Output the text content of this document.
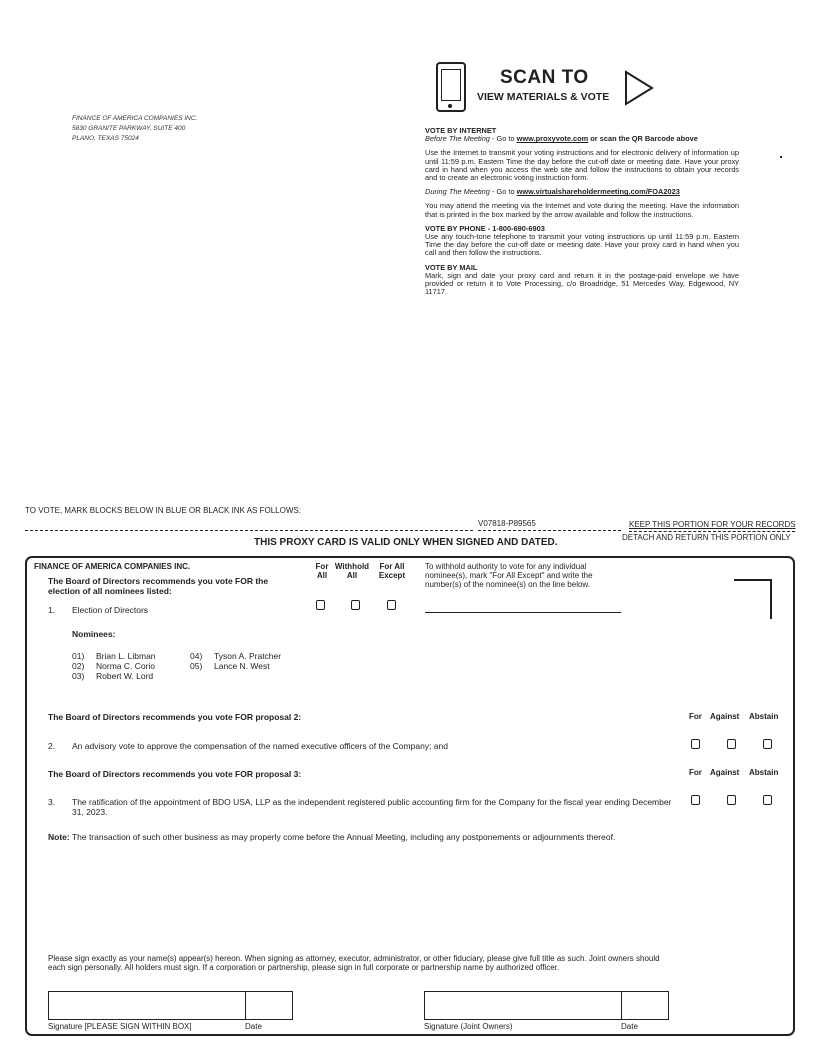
FINANCE OF AMERICA COMPANIES INC.
5830 GRANITE PARKWAY, SUITE 400
PLANO, TEXAS 75024
SCAN TO
VIEW MATERIALS & VOTE
VOTE BY INTERNET
Before The Meeting - Go to www.proxyvote.com or scan the QR Barcode above
Use the Internet to transmit your voting instructions and for electronic delivery of information up until 11:59 p.m. Eastern Time the day before the cut-off date or meeting date. Have your proxy card in hand when you access the web site and follow the instructions to obtain your records and to create an electronic voting instruction form.
During The Meeting - Go to www.virtualshareholdermeeting.com/FOA2023
You may attend the meeting via the Internet and vote during the meeting. Have the information that is printed in the box marked by the arrow available and follow the instructions.
VOTE BY PHONE - 1-800-690-6903
Use any touch-tone telephone to transmit your voting instructions up until 11:59 p.m. Eastern Time the day before the cut-off date or meeting date. Have your proxy card in hand when you call and then follow the instructions.
VOTE BY MAIL
Mark, sign and date your proxy card and return it in the postage-paid envelope we have provided or return it to Vote Processing, c/o Broadridge, 51 Mercedes Way, Edgewood, NY 11717.
TO VOTE, MARK BLOCKS BELOW IN BLUE OR BLACK INK AS FOLLOWS:
V07818-P89565	KEEP THIS PORTION FOR YOUR RECORDS
THIS PROXY CARD IS VALID ONLY WHEN SIGNED AND DATED.	DETACH AND RETURN THIS PORTION ONLY
FINANCE OF AMERICA COMPANIES INC.
The Board of Directors recommends you vote FOR the election of all nominees listed:
For
All
Withhold
All
For All
Except
To withhold authority to vote for any individual nominee(s), mark "For All Except" and write the number(s) of the nominee(s) on the line below.
1. Election of Directors
Nominees:
01) Brian L. Libman
02) Norma C. Corio
03) Robert W. Lord
04) Tyson A. Pratcher
05) Lance N. West
The Board of Directors recommends you vote FOR proposal 2:	For Against Abstain
2. An advisory vote to approve the compensation of the named executive officers of the Company; and
The Board of Directors recommends you vote FOR proposal 3:	For Against Abstain
3. The ratification of the appointment of BDO USA, LLP as the independent registered public accounting firm for the Company for the fiscal year ending December 31, 2023.
Note: The transaction of such other business as may properly come before the Annual Meeting, including any postponements or adjournments thereof.
Please sign exactly as your name(s) appear(s) hereon. When signing as attorney, executor, administrator, or other fiduciary, please give full title as such. Joint owners should each sign personally. All holders must sign. If a corporation or partnership, please sign in full corporate or partnership name by authorized officer.
Signature [PLEASE SIGN WITHIN BOX]	Date	Signature (Joint Owners)	Date
